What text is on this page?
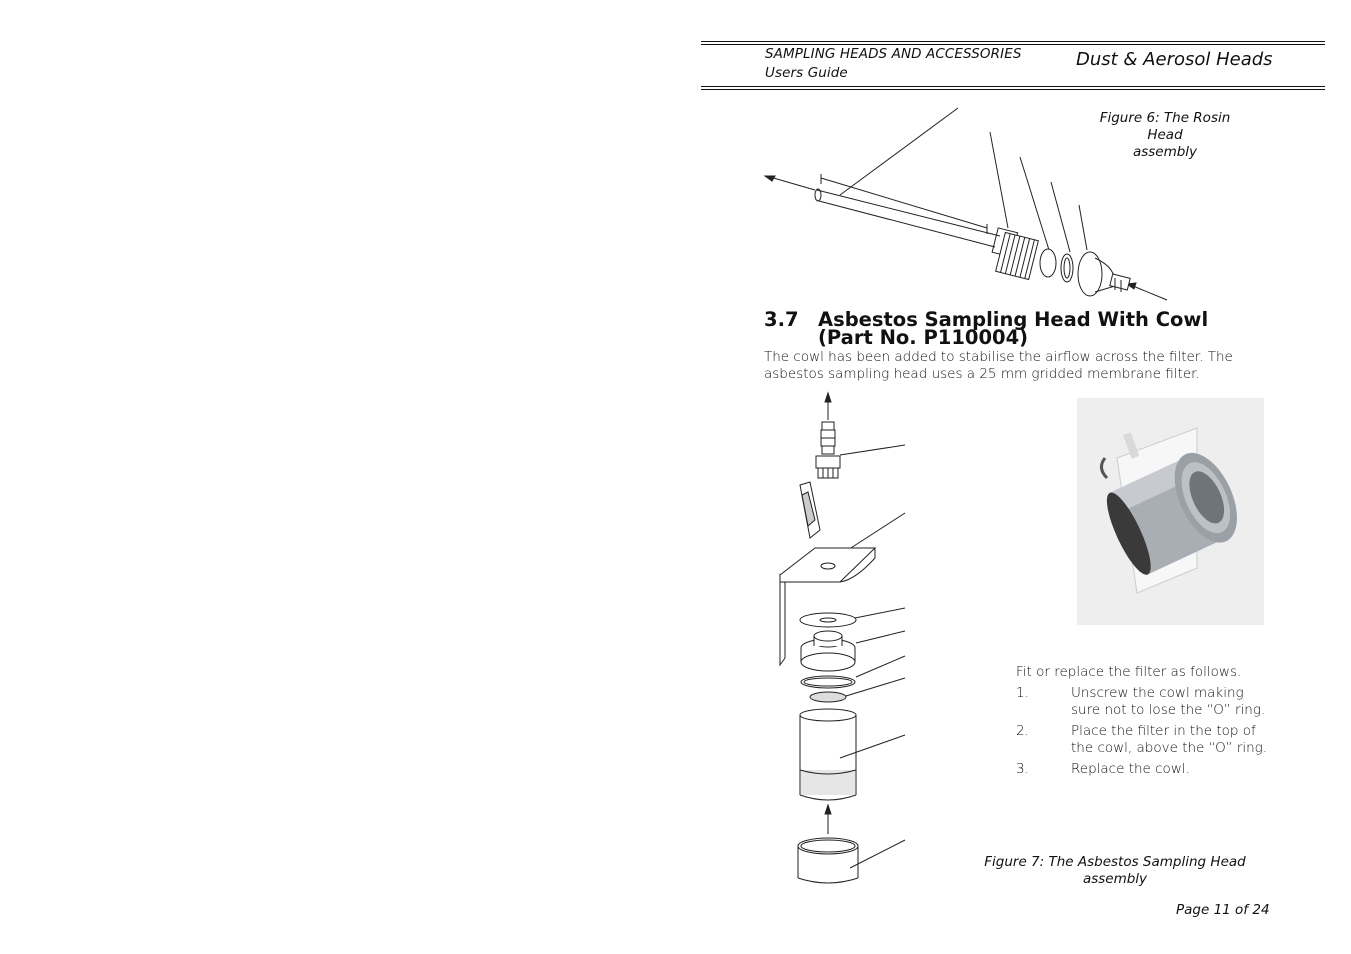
SAMPLING HEADS AND ACCESSORIES
Users Guide
Dust & Aerosol Heads
Figure 6: The Rosin Head
assembly
3.7 Asbestos Sampling Head With Cowl
(Part No. P110004)
The cowl has been added to stabilise the airflow across the filter. The asbestos sampling head uses a 25 mm gridded membrane filter.
Fit or replace the filter as follows.
1.	Unscrew the cowl making sure not to lose the “O” ring.
2.	Place the filter in the top of the cowl, above the “O” ring.
3.	Replace the cowl.
Figure 7: The Asbestos Sampling Head
assembly
Page 11 of 24
